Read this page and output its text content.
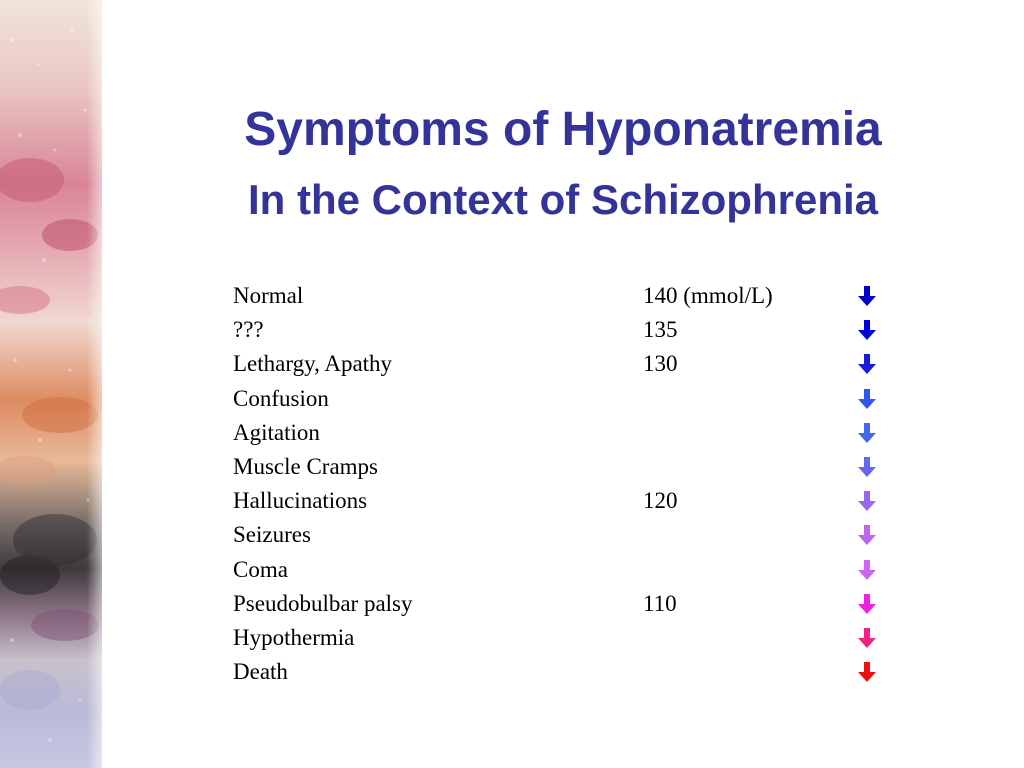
Symptoms of Hyponatremia
In the Context of Schizophrenia
Normal	140 (mmol/L)
???	135
Lethargy, Apathy	130
Confusion
Agitation
Muscle Cramps
Hallucinations	120
Seizures
Coma
Pseudobulbar palsy	110
Hypothermia
Death
